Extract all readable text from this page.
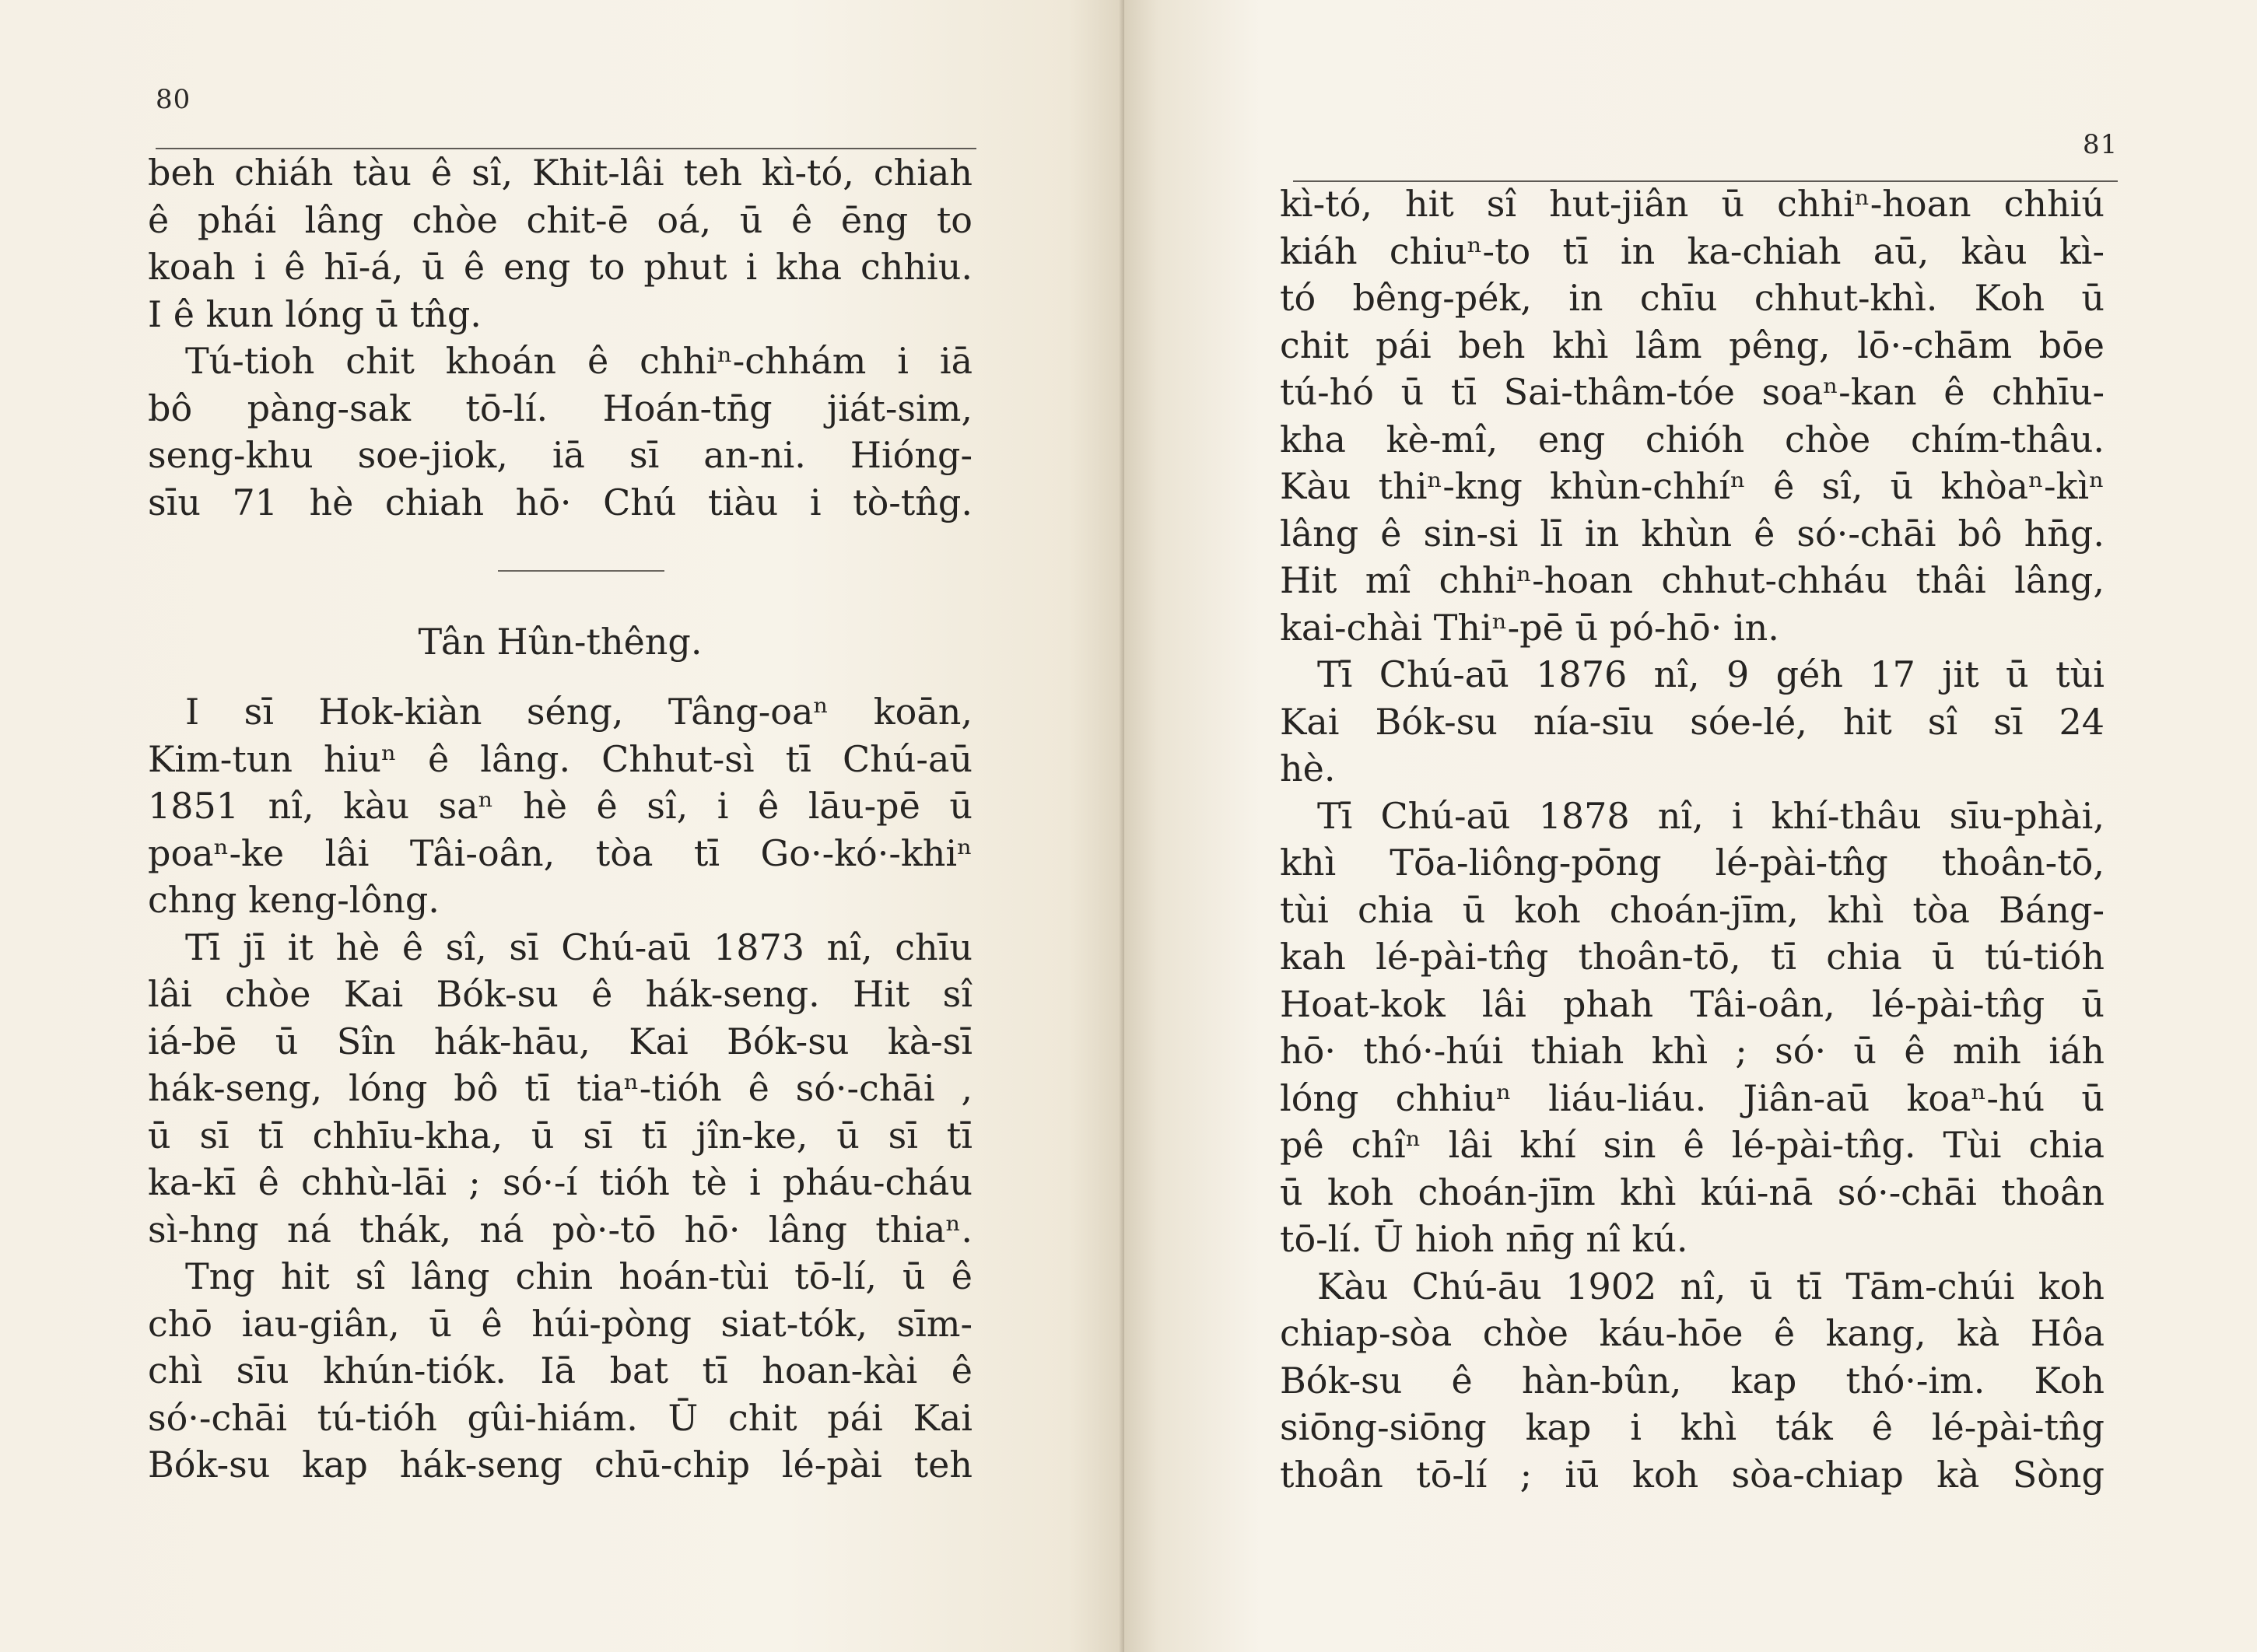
80
beh chiáh tàu ê sî, Khit-lâi teh kì-tó, chiah
ê phái lâng chòe chit-ē oá, ū ê ēng to
koah i ê hī-á, ū ê eng to phut i kha chhiu.
I ê kun lóng ū tn̂g.
Tú-tioh chit khoán ê chhiⁿ-chhám i iā
bô pàng-sak tō-lí. Hoán-tn̄g jiát-sim,
seng-khu soe-jiok, iā sī an-ni. Hióng-
sīu 71 hè chiah hō· Chú tiàu i tò-tn̂g.
Tân Hûn-thêng.
I sī Hok-kiàn séng, Tâng-oaⁿ koān,
Kim-tun hiuⁿ ê lâng. Chhut-sì tī Chú-aū
1851 nî, kàu saⁿ hè ê sî, i ê lāu-pē ū
poaⁿ-ke lâi Tâi-oân, tòa tī Go·-kó·-khiⁿ
chng keng-lông.
Tī jī it hè ê sî, sī Chú-aū 1873 nî, chīu
lâi chòe Kai Bók-su ê hák-seng. Hit sî
iá-bē ū Sîn hák-hāu, Kai Bók-su kà-sī
hák-seng, lóng bô tī tiaⁿ-tióh ê só·-chāi ,
ū sī tī chhīu-kha, ū sī tī jîn-ke, ū sī tī
ka-kī ê chhù-lāi ; só·-í tióh tè i pháu-cháu
sì-hng ná thák, ná pò·-tō hō· lâng thiaⁿ.
Tng hit sî lâng chin hoán-tùi tō-lí, ū ê
chō iau-giân, ū ê húi-pòng siat-tók, sīm-
chì sīu khún-tiók. Iā bat tī hoan-kài ê
só·-chāi tú-tióh gûi-hiám. Ū chit pái Kai
Bók-su kap hák-seng chū-chip lé-pài teh
81
kì-tó, hit sî hut-jiân ū chhiⁿ-hoan chhiú
kiáh chiuⁿ-to tī in ka-chiah aū, kàu kì-
tó bêng-pék, in chīu chhut-khì. Koh ū
chit pái beh khì lâm pêng, lō·-chām bōe
tú-hó ū tī Sai-thâm-tóe soaⁿ-kan ê chhīu-
kha kè-mî, eng chióh chòe chím-thâu.
Kàu thiⁿ-kng khùn-chhíⁿ ê sî, ū khòaⁿ-kìⁿ
lâng ê sin-si lī in khùn ê só·-chāi bô hn̄g.
Hit mî chhiⁿ-hoan chhut-chháu thâi lâng,
kai-chài Thiⁿ-pē ū pó-hō· in.
Tī Chú-aū 1876 nî, 9 géh 17 jit ū tùi
Kai Bók-su nía-sīu sóe-lé, hit sî sī 24
hè.
Tī Chú-aū 1878 nî, i khí-thâu sīu-phài,
khì Tōa-liông-pōng lé-pài-tn̂g thoân-tō,
tùi chia ū koh choán-jīm, khì tòa Báng-
kah lé-pài-tn̂g thoân-tō, tī chia ū tú-tióh
Hoat-kok lâi phah Tâi-oân, lé-pài-tn̂g ū
hō· thó·-húi thiah khì ; só· ū ê mih iáh
lóng chhiuⁿ liáu-liáu. Jiân-aū koaⁿ-hú ū
pê chîⁿ lâi khí sin ê lé-pài-tn̂g. Tùi chia
ū koh choán-jīm khì kúi-nā só·-chāi thoân
tō-lí. Ū hioh nn̄g nî kú.
Kàu Chú-āu 1902 nî, ū tī Tām-chúi koh
chiap-sòa chòe káu-hōe ê kang, kà Hôa
Bók-su ê hàn-bûn, kap thó·-im. Koh
siōng-siōng kap i khì ták ê lé-pài-tn̂g
thoân tō-lí ; iū koh sòa-chiap kà Sòng
